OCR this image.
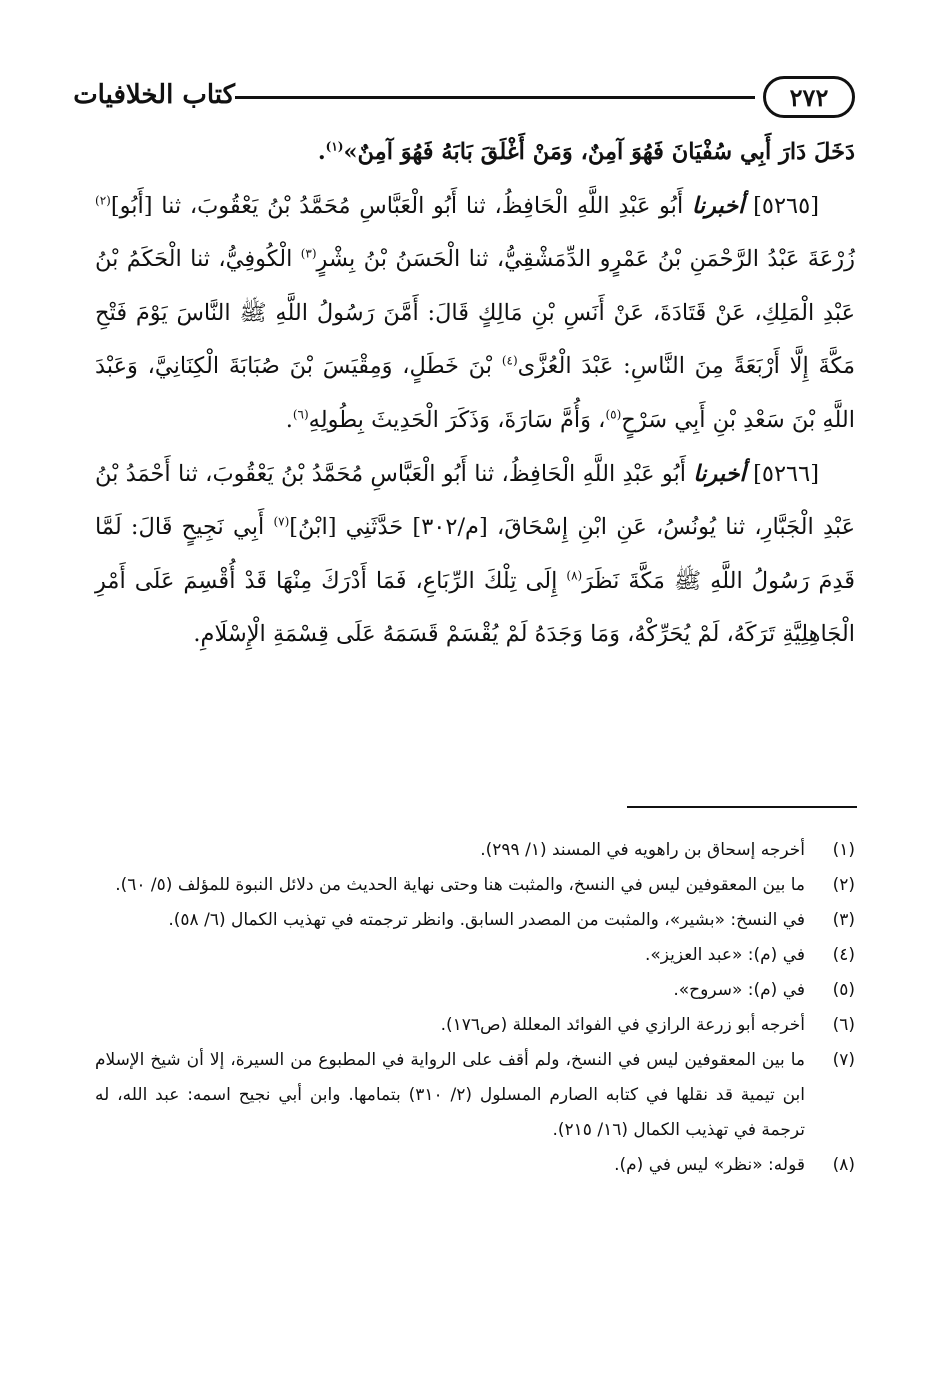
٢٧٢
كتاب الخلافيات

دَخَلَ دَارَ أَبِي سُفْيَانَ فَهُوَ آمِنٌ، وَمَنْ أَغْلَقَ بَابَهُ فَهُوَ آمِنٌ»$^{(١)}$.

[٥٢٦٥] أخبرنا أَبُو عَبْدِ اللَّهِ الْحَافِظُ، ثنا أَبُو الْعَبَّاسِ مُحَمَّدُ بْنُ يَعْقُوبَ، ثنا [أَبُو]$^{(٢)}$ زُرْعَةَ عَبْدُ الرَّحْمَنِ بْنُ عَمْرٍو الدِّمَشْقِيُّ، ثنا الْحَسَنُ بْنُ بِشْرٍ$^{(٣)}$ الْكُوفِيُّ، ثنا الْحَكَمُ بْنُ عَبْدِ الْمَلِكِ، عَنْ قَتَادَةَ، عَنْ أَنَسِ بْنِ مَالِكٍ قَالَ: أَمَّنَ رَسُولُ اللَّهِ ﷺ النَّاسَ يَوْمَ فَتْحِ مَكَّةَ إِلَّا أَرْبَعَةً مِنَ النَّاسِ: عَبْدَ الْعُزَّى$^{(٤)}$ بْنَ خَطَلٍ، وَمِقْيَسَ بْنَ صُبَابَةَ الْكِنَانِيَّ، وَعَبْدَ اللَّهِ بْنَ سَعْدِ بْنِ أَبِي سَرْحٍ$^{(٥)}$، وَأُمَّ سَارَةَ، وَذَكَرَ الْحَدِيثَ بِطُولِهِ$^{(٦)}$.

[٥٢٦٦] أخبرنا أَبُو عَبْدِ اللَّهِ الْحَافِظُ، ثنا أَبُو الْعَبَّاسِ مُحَمَّدُ بْنُ يَعْقُوبَ، ثنا أَحْمَدُ بْنُ عَبْدِ الْجَبَّارِ، ثنا يُونُسُ، عَنِ ابْنِ إِسْحَاقَ، [م/٣٠٢] حَدَّثَنِي [ابْنُ]$^{(٧)}$ أَبِي نَجِيحٍ قَالَ: لَمَّا قَدِمَ رَسُولُ اللَّهِ ﷺ مَكَّةَ نَظَرَ$^{(٨)}$ إِلَى تِلْكَ الرِّبَاعِ، فَمَا أَدْرَكَ مِنْهَا قَدْ أُقْسِمَ عَلَى أَمْرِ الْجَاهِلِيَّةِ تَرَكَهُ، لَمْ يُحَرِّكْهُ، وَمَا وَجَدَهُ لَمْ يُقْسَمْ قَسَمَهُ عَلَى قِسْمَةِ الْإِسْلَامِ.

(١)
أخرجه إسحاق بن راهويه في المسند (١/ ٢٩٩).
(٢)
ما بين المعقوفين ليس في النسخ، والمثبت هنا وحتى نهاية الحديث من دلائل النبوة للمؤلف (٥/ ٦٠).
(٣)
في النسخ: «بشير»، والمثبت من المصدر السابق. وانظر ترجمته في تهذيب الكمال (٦/ ٥٨).
(٤)
في (م): «عبد العزيز».
(٥)
في (م): «سروح».
(٦)
أخرجه أبو زرعة الرازي في الفوائد المعللة (ص١٧٦).
(٧)
ما بين المعقوفين ليس في النسخ، ولم أقف على الرواية في المطبوع من السيرة، إلا أن شيخ الإسلام ابن تيمية قد نقلها في كتابه الصارم المسلول (٢/ ٣١٠) بتمامها. وابن أبي نجيح اسمه: عبد الله، له ترجمة في تهذيب الكمال (١٦/ ٢١٥).
(٨)
قوله: «نظر» ليس في (م).
